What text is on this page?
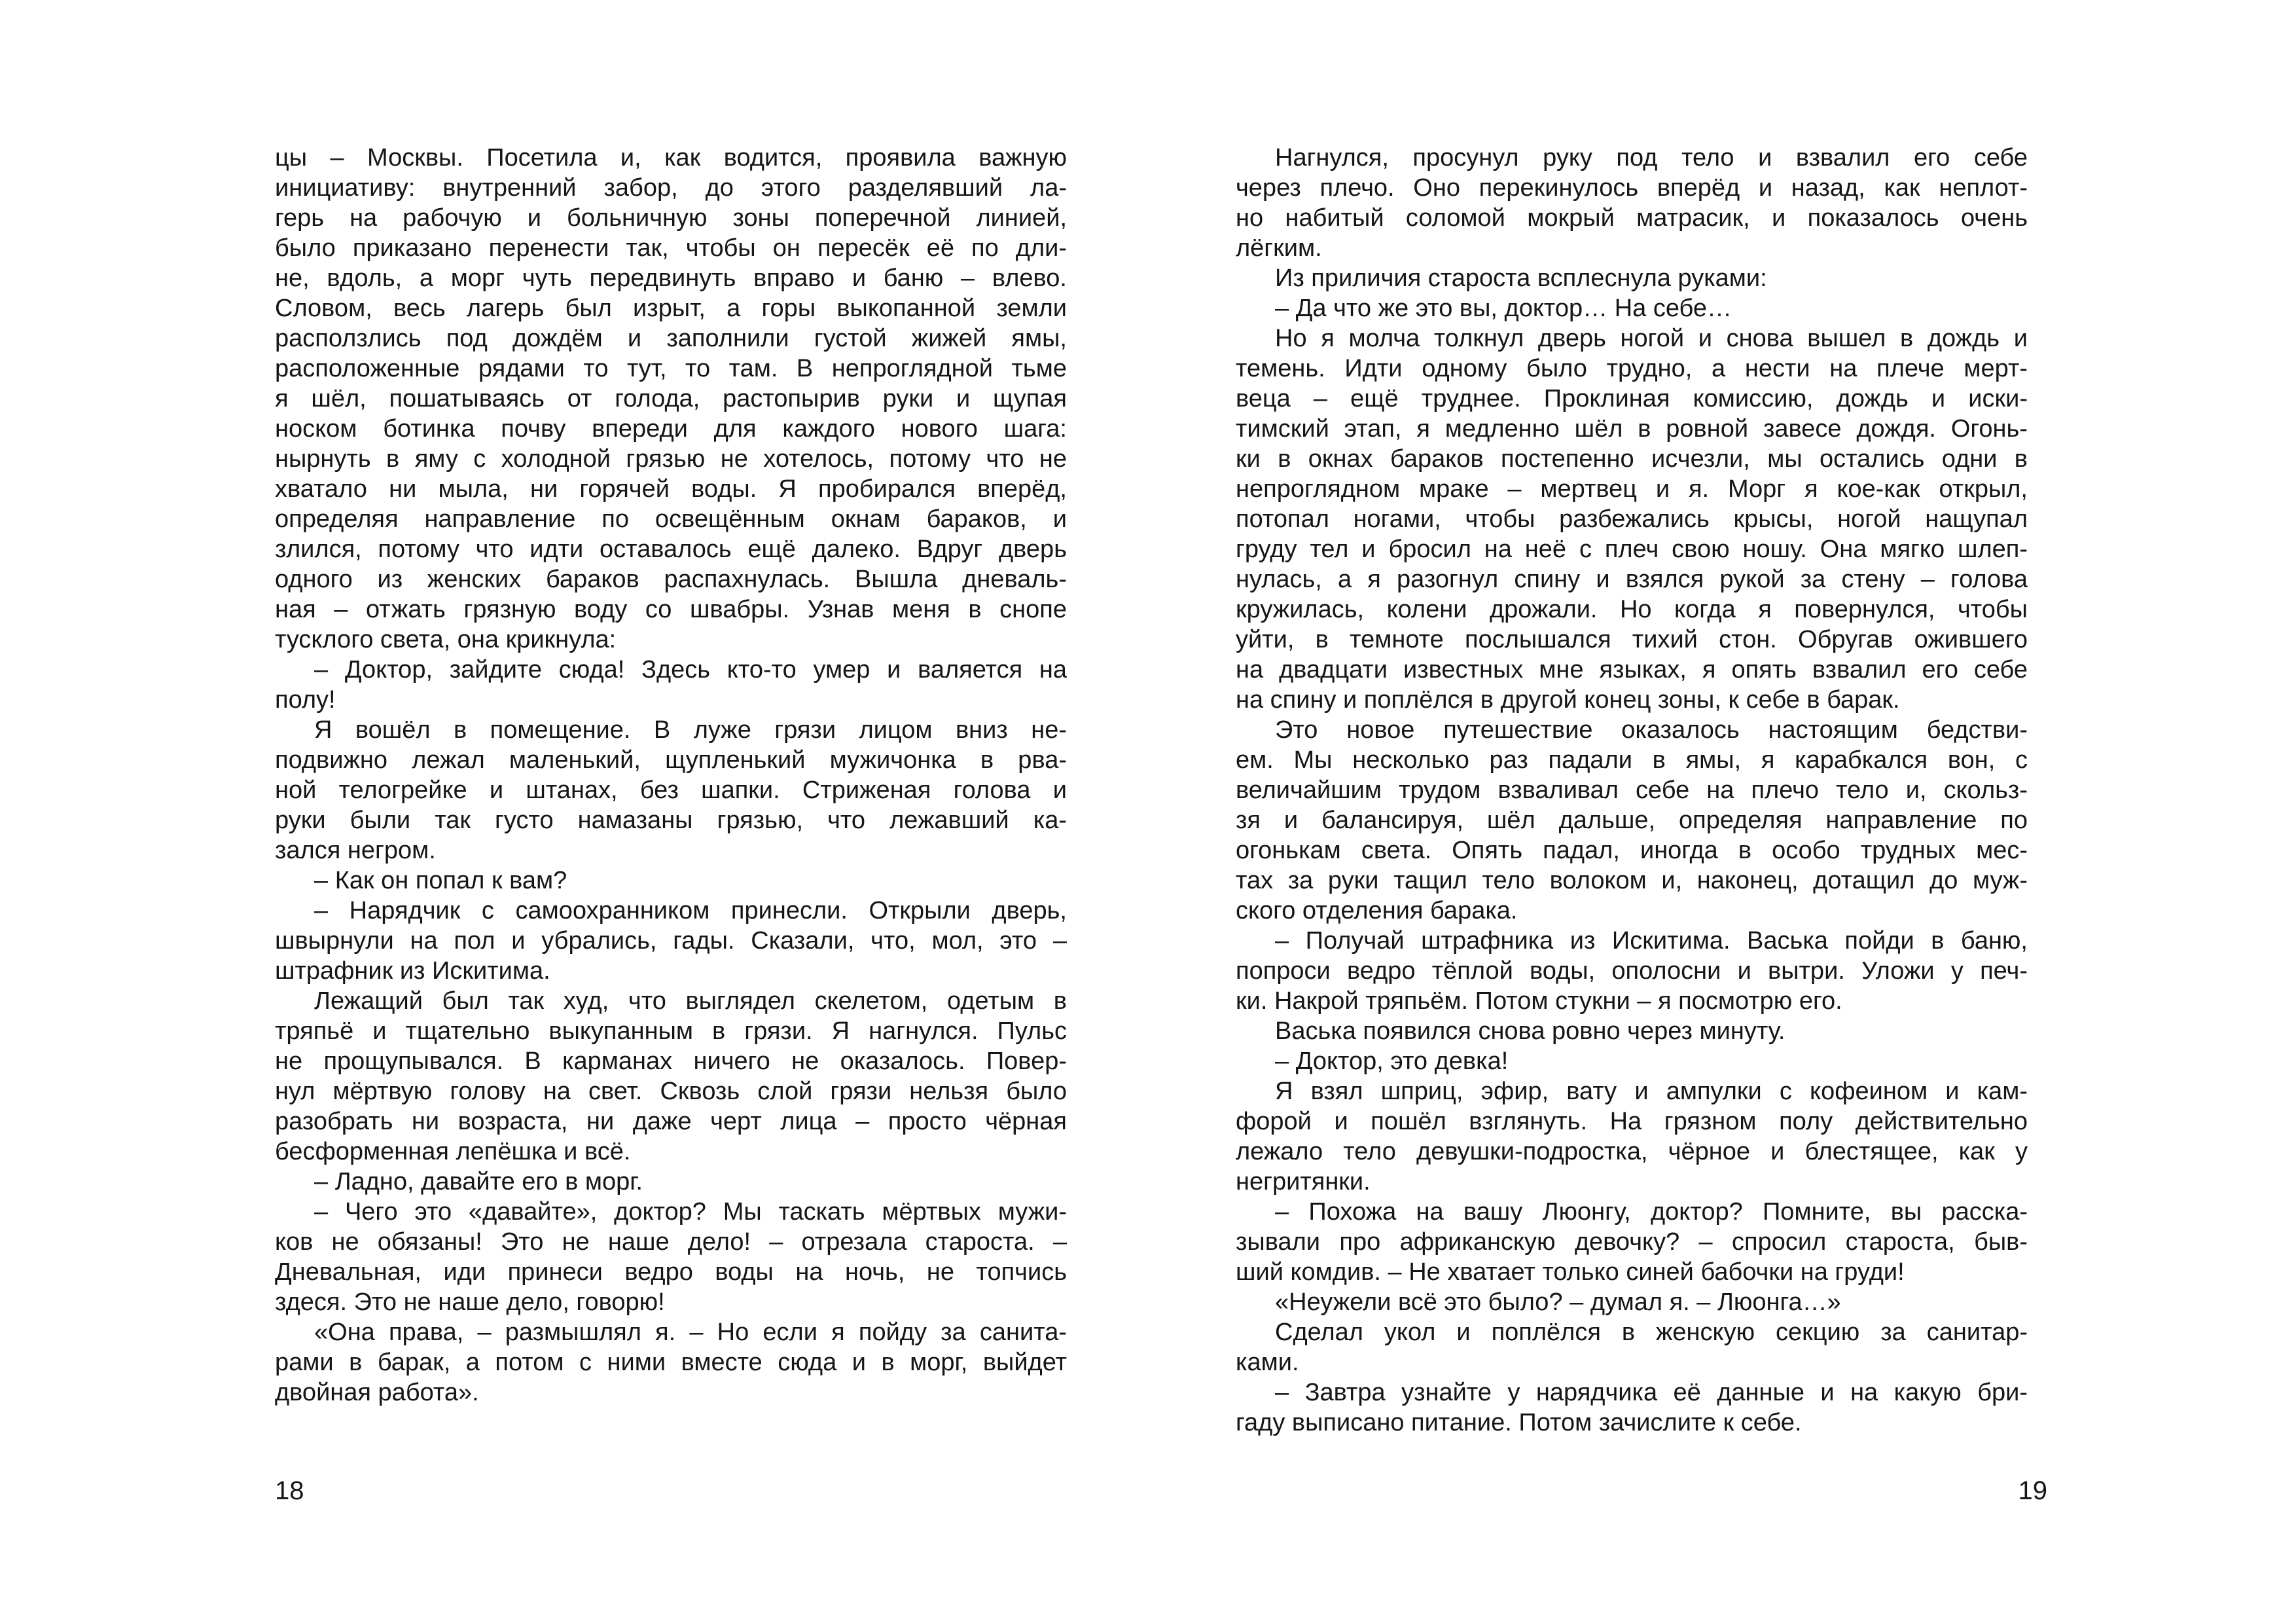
цы – Москвы. Посетила и, как водится, проявила важную
инициативу: внутренний забор, до этого разделявший ла-
герь на рабочую и больничную зоны поперечной линией,
было приказано перенести так, чтобы он пересёк её по дли-
не, вдоль, а морг чуть передвинуть вправо и баню – влево.
Словом, весь лагерь был изрыт, а горы выкопанной земли
расползлись под дождём и заполнили густой жижей ямы,
расположенные рядами то тут, то там. В непроглядной тьме
я шёл, пошатываясь от голода, растопырив руки и щупая
носком ботинка почву впереди для каждого нового шага:
нырнуть в яму с холодной грязью не хотелось, потому что не
хватало ни мыла, ни горячей воды. Я пробирался вперёд,
определяя направление по освещённым окнам бараков, и
злился, потому что идти оставалось ещё далеко. Вдруг дверь
одного из женских бараков распахнулась. Вышла дневаль-
ная – отжать грязную воду со швабры. Узнав меня в снопе
тусклого света, она крикнула:
– Доктор, зайдите сюда! Здесь кто-то умер и валяется на
полу!
Я вошёл в помещение. В луже грязи лицом вниз не-
подвижно лежал маленький, щупленький мужичонка в рва-
ной телогрейке и штанах, без шапки. Стриженая голова и
руки были так густо намазаны грязью, что лежавший ка-
зался негром.
– Как он попал к вам?
– Нарядчик с самоохранником принесли. Открыли дверь,
швырнули на пол и убрались, гады. Сказали, что, мол, это –
штрафник из Искитима.
Лежащий был так худ, что выглядел скелетом, одетым в
тряпьё и тщательно выкупанным в грязи. Я нагнулся. Пульс
не прощупывался. В карманах ничего не оказалось. Повер-
нул мёртвую голову на свет. Сквозь слой грязи нельзя было
разобрать ни возраста, ни даже черт лица – просто чёрная
бесформенная лепёшка и всё.
– Ладно, давайте его в морг.
– Чего это «давайте», доктор? Мы таскать мёртвых мужи-
ков не обязаны! Это не наше дело! – отрезала староста. –
Дневальная, иди принеси ведро воды на ночь, не топчись
здеся. Это не наше дело, говорю!
«Она права, – размышлял я. – Но если я пойду за санита-
рами в барак, а потом с ними вместе сюда и в морг, выйдет
двойная работа».
Нагнулся, просунул руку под тело и взвалил его себе
через плечо. Оно перекинулось вперёд и назад, как неплот-
но набитый соломой мокрый матрасик, и показалось очень
лёгким.
Из приличия староста всплеснула руками:
– Да что же это вы, доктор… На себе…
Но я молча толкнул дверь ногой и снова вышел в дождь и
темень. Идти одному было трудно, а нести на плече мерт-
веца – ещё труднее. Проклиная комиссию, дождь и иски-
тимский этап, я медленно шёл в ровной завесе дождя. Огонь-
ки в окнах бараков постепенно исчезли, мы остались одни в
непроглядном мраке – мертвец и я. Морг я кое-как открыл,
потопал ногами, чтобы разбежались крысы, ногой нащупал
груду тел и бросил на неё с плеч свою ношу. Она мягко шлеп-
нулась, а я разогнул спину и взялся рукой за стену – голова
кружилась, колени дрожали. Но когда я повернулся, чтобы
уйти, в темноте послышался тихий стон. Обругав ожившего
на двадцати известных мне языках, я опять взвалил его себе
на спину и поплёлся в другой конец зоны, к себе в барак.
Это новое путешествие оказалось настоящим бедстви-
ем. Мы несколько раз падали в ямы, я карабкался вон, с
величайшим трудом взваливал себе на плечо тело и, скольз-
зя и балансируя, шёл дальше, определяя направление по
огонькам света. Опять падал, иногда в особо трудных мес-
тах за руки тащил тело волоком и, наконец, дотащил до муж-
ского отделения барака.
– Получай штрафника из Искитима. Васька пойди в баню,
попроси ведро тёплой воды, ополосни и вытри. Уложи у печ-
ки. Накрой тряпьём. Потом стукни – я посмотрю его.
Васька появился снова ровно через минуту.
– Доктор, это девка!
Я взял шприц, эфир, вату и ампулки с кофеином и кам-
форой и пошёл взглянуть. На грязном полу действительно
лежало тело девушки-подростка, чёрное и блестящее, как у
негритянки.
– Похожа на вашу Люонгу, доктор? Помните, вы расска-
зывали про африканскую девочку? – спросил староста, быв-
ший комдив. – Не хватает только синей бабочки на груди!
«Неужели всё это было? – думал я. – Люонга…»
Сделал укол и поплёлся в женскую секцию за санитар-
ками.
– Завтра узнайте у нарядчика её данные и на какую бри-
гаду выписано питание. Потом зачислите к себе.
18	19
